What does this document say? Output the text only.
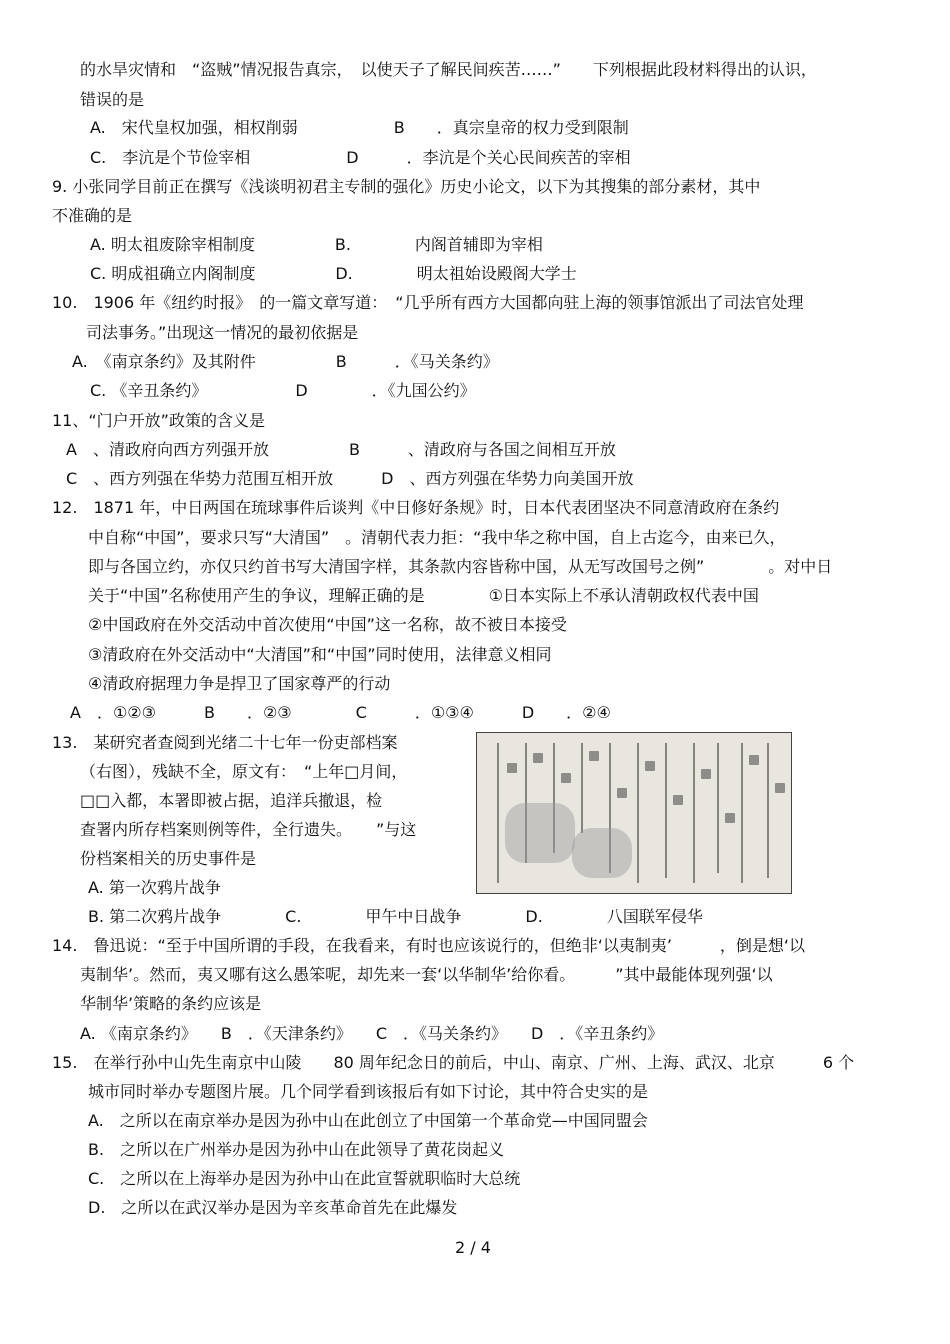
的水旱灾情和　“盗贼”情况报告真宗，　以使天子了解民间疾苦……”　　下列根据此段材料得出的认识，
错误的是
A.　宋代皇权加强，相权削弱　　　　　　B　　．真宗皇帝的权力受到限制
C.　李沆是个节俭宰相　　　　　　D　　　．李沆是个关心民间疾苦的宰相
9. 小张同学目前正在撰写《浅谈明初君主专制的强化》历史小论文，以下为其搜集的部分素材，其中
不准确的是
A. 明太祖废除宰相制度　　　　　B.　　　　内阁首辅即为宰相
C. 明成祖确立内阁制度　　　　　D.　　　　明太祖始设殿阁大学士
10.　1906 年《纽约时报》　的一篇文章写道：　“几乎所有西方大国都向驻上海的领事馆派出了司法官处理
司法事务。”出现这一情况的最初依据是
A.　《南京条约》及其附件　　　　　B　　　．《马关条约》
C. 《辛丑条约》　　　　　　D　　　　．《九国公约》
11、“门户开放”政策的含义是
A　、清政府向西方列强开放　　　　　B　　　、清政府与各国之间相互开放
C　、西方列强在华势力范围互相开放　　　D　、西方列强在华势力向美国开放
12.　1871 年，中日两国在琉球事件后谈判《中日修好条规》时，日本代表团坚决不同意清政府在条约
中自称“中国”，要求只写“大清国”　。清朝代表力拒：“我中华之称中国，自上古迄今，由来已久，
即与各国立约，亦仅只约首书写大清国字样，其条款内容皆称中国，从无写改国号之例”　　　　。对中日
关于“中国”名称使用产生的争议，理解正确的是　　　　①日本实际上不承认清朝政权代表中国
②中国政府在外交活动中首次使用“中国”这一名称，故不被日本接受
③清政府在外交活动中“大清国”和“中国”同时使用，法律意义相同
④清政府据理力争是捍卫了国家尊严的行动
A　．①②③　　　B　　．②③　　　　C　　　．①③④　　　D　　．②④
13.　某研究者查阅到光绪二十七年一份吏部档案
（右图），残缺不全，原文有：　“上年□月间，
□□入都，本署即被占据，追洋兵撤退，检
查署内所存档案则例等件，全行遗失。　　”与这
份档案相关的历史事件是
A. 第一次鸦片战争
B. 第二次鸦片战争　　　　C.　　　　甲午中日战争　　　　D.　　　　八国联军侵华
14.　鲁迅说：“至于中国所谓的手段，在我看来，有时也应该说行的，但绝非‘以夷制夷’　　　，倒是想‘以
夷制华’。然而，夷又哪有这么愚笨呢，却先来一套‘以华制华’给你看。　　　”其中最能体现列强‘以
华制华’策略的条约应该是
A. 《南京条约》　　B　．《天津条约》　　C　．《马关条约》　　D　．《辛丑条约》
15.　在举行孙中山先生南京中山陵　　80 周年纪念日的前后，中山、南京、广州、上海、武汉、北京　　　6 个
城市同时举办专题图片展。几个同学看到该报后有如下讨论，其中符合史实的是
A.　之所以在南京举办是因为孙中山在此创立了中国第一个革命党—中国同盟会
B.　之所以在广州举办是因为孙中山在此领导了黄花岗起义
C.　之所以在上海举办是因为孙中山在此宣誓就职临时大总统
D.　之所以在武汉举办是因为辛亥革命首先在此爆发
2 / 4
